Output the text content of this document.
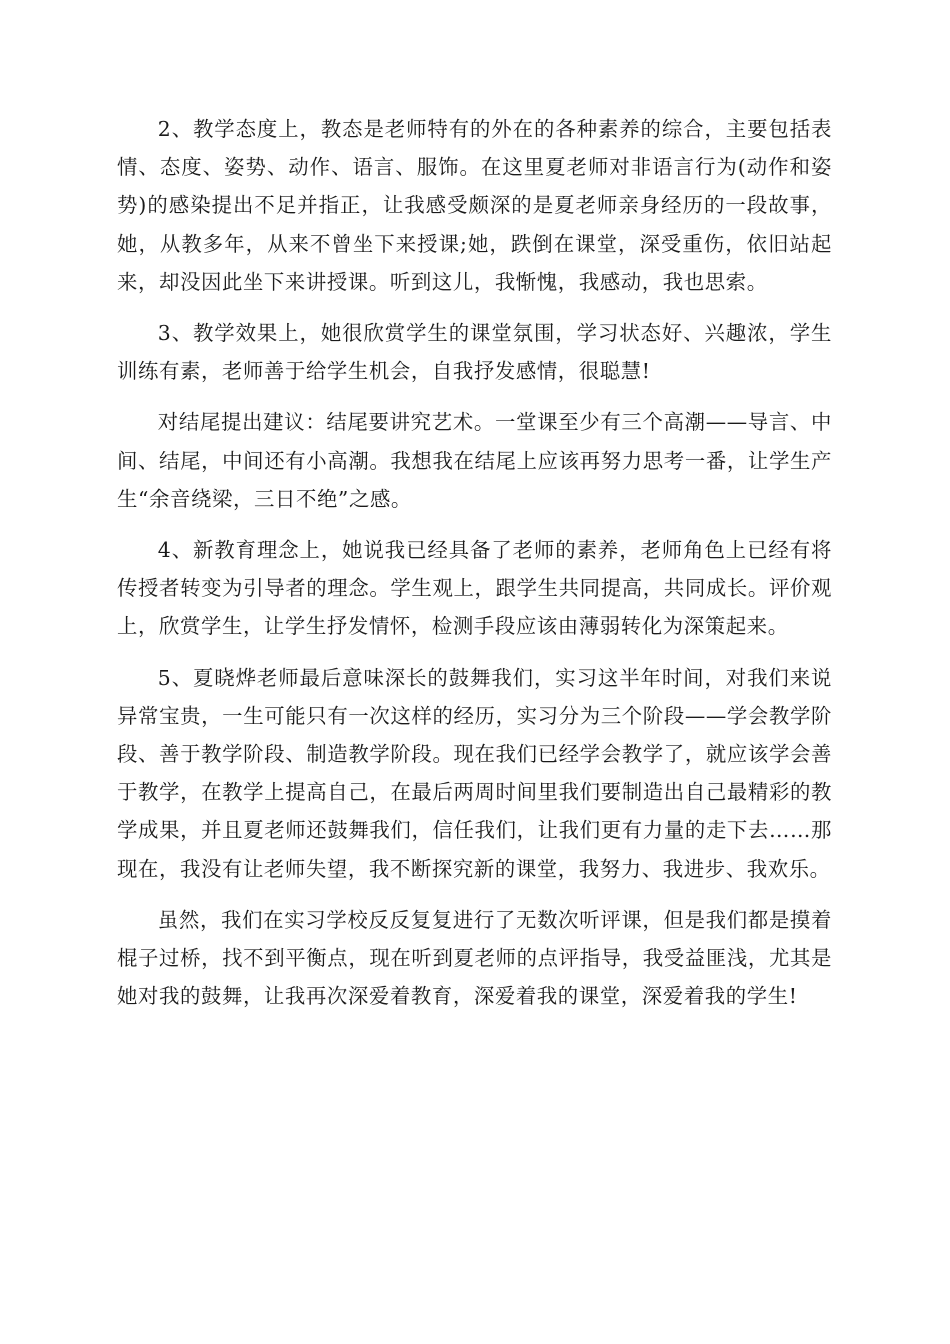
2、教学态度上，教态是老师特有的外在的各种素养的综合，主要包括表情、态度、姿势、动作、语言、服饰。在这里夏老师对非语言行为(动作和姿势)的感染提出不足并指正，让我感受颇深的是夏老师亲身经历的一段故事，她，从教多年，从来不曾坐下来授课;她，跌倒在课堂，深受重伤，依旧站起来，却没因此坐下来讲授课。听到这儿，我惭愧，我感动，我也思索。

3、教学效果上，她很欣赏学生的课堂氛围，学习状态好、兴趣浓，学生训练有素，老师善于给学生机会，自我抒发感情，很聪慧!

对结尾提出建议：结尾要讲究艺术。一堂课至少有三个高潮——导言、中间、结尾，中间还有小高潮。我想我在结尾上应该再努力思考一番，让学生产生“余音绕梁，三日不绝”之感。

4、新教育理念上，她说我已经具备了老师的素养，老师角色上已经有将传授者转变为引导者的理念。学生观上，跟学生共同提高，共同成长。评价观上，欣赏学生，让学生抒发情怀，检测手段应该由薄弱转化为深策起来。

5、夏晓烨老师最后意味深长的鼓舞我们，实习这半年时间，对我们来说异常宝贵，一生可能只有一次这样的经历，实习分为三个阶段——学会教学阶段、善于教学阶段、制造教学阶段。现在我们已经学会教学了，就应该学会善于教学，在教学上提高自己，在最后两周时间里我们要制造出自己最精彩的教学成果，并且夏老师还鼓舞我们，信任我们，让我们更有力量的走下去……那现在，我没有让老师失望，我不断探究新的课堂，我努力、我进步、我欢乐。

虽然，我们在实习学校反反复复进行了无数次听评课，但是我们都是摸着棍子过桥，找不到平衡点，现在听到夏老师的点评指导，我受益匪浅，尤其是她对我的鼓舞，让我再次深爱着教育，深爱着我的课堂，深爱着我的学生!
